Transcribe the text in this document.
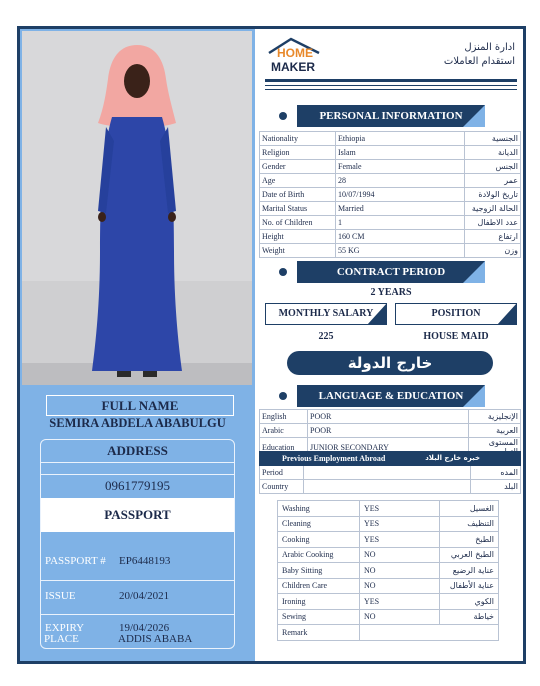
FULL NAME
SEMIRA ABDELA ABABULGU
ADDRESS
0961779195
PASSPORT
PASSPORT # EP6448193
ISSUE	20/04/2021
EXPIRY	19/04/2026
PLACE	ADDIS ABABA
HOME
MAKER
ادارة المنزل
استقدام العاملات
PERSONAL INFORMATION
Nationality	Ethiopia	الجنسية
Religion	Islam	الديانة
Gender	Female	الجنس
Age	28	عمر
Date of Birth	10/07/1994	تاريخ الولادة
Marital Status	Married	الحالة الزوجية
No. of Children	1	عدد الاطفال
Height	160 CM	ارتفاع
Weight	55 KG	وزن
CONTRACT PERIOD
2 YEARS
MONTHLY SALARY	POSITION
225	HOUSE MAID
خارج الدولة
LANGUAGE & EDUCATION
English	POOR	الإنجليزية
Arabic	POOR	العربية
Education	JUNIOR SECONDARY	المستوى
Previous Employment Abroad خبره خارج البلاد		

Period		المده
Country		البلد
Washing	YES	الغسيل
Cleaning	YES	التنظيف
Cooking	YES	الطبخ
Arabic Cooking	NO	الطبخ العربي
Baby Sitting	NO	عناية الرضيع
Children Care	NO	عناية الأطفال
Ironing	YES	الكوي
Sewing	NO	خياطة
Remark		
